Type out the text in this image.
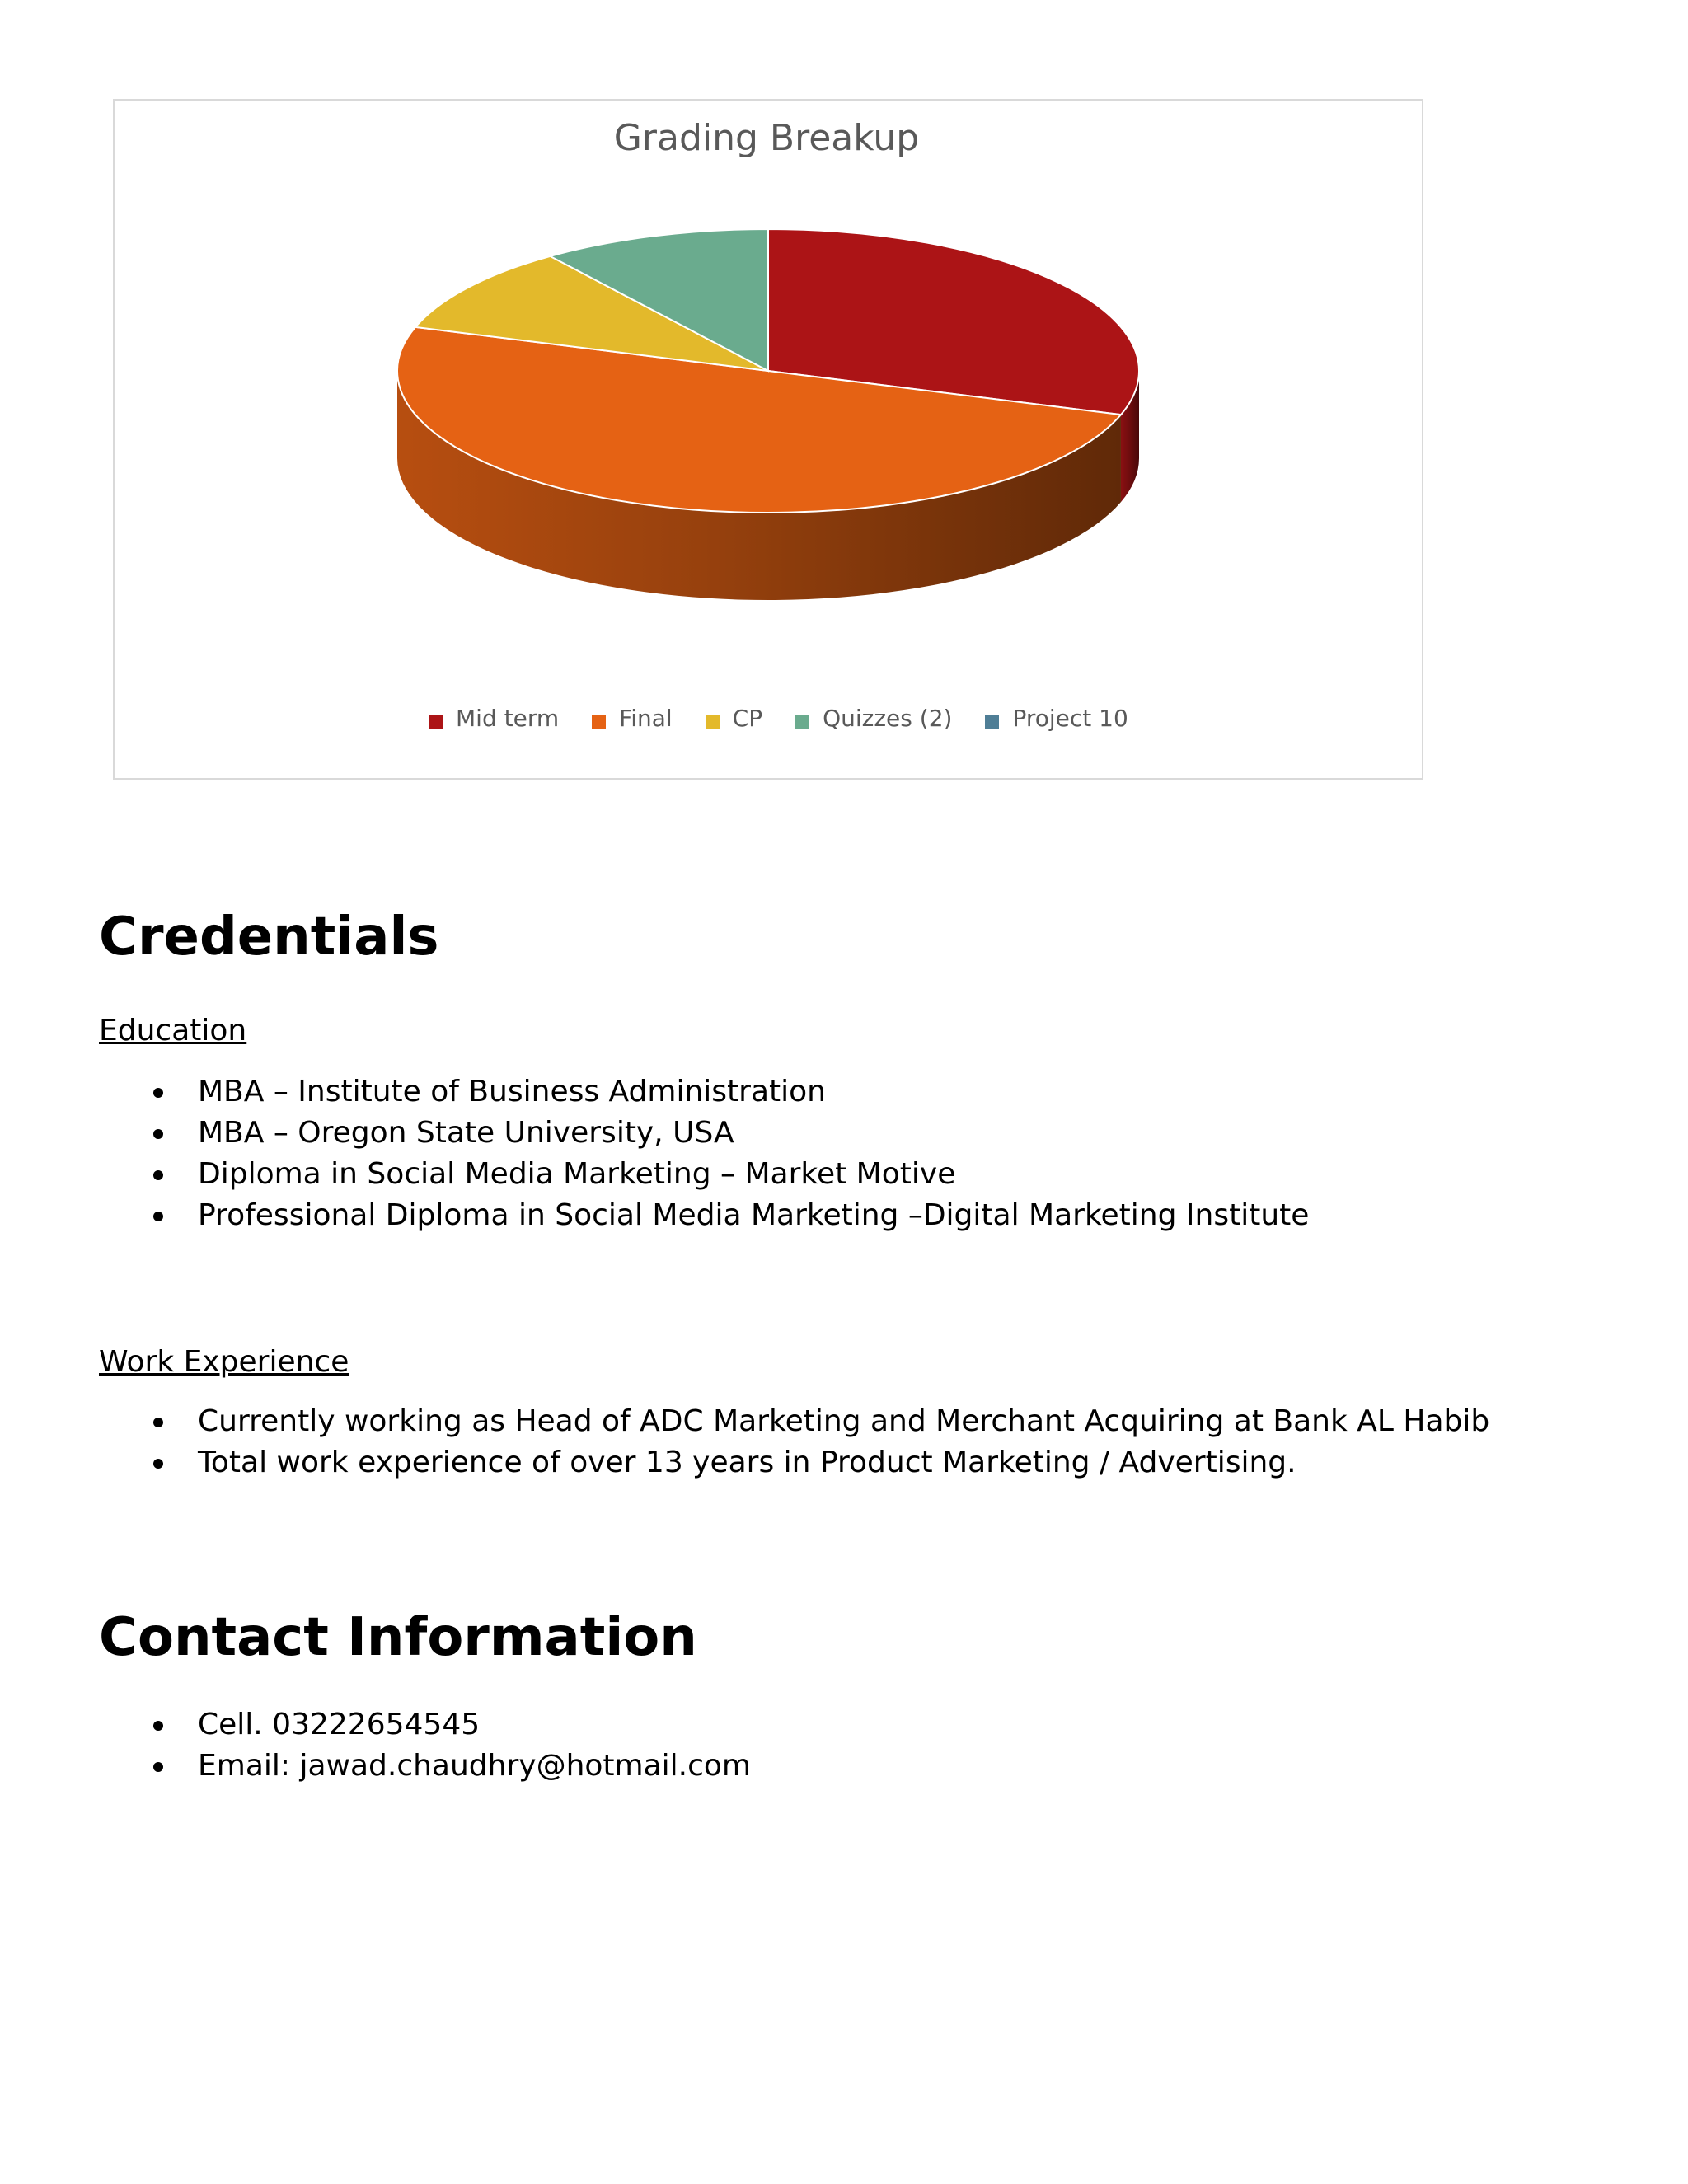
Grading Breakup
Mid term	Final	CP	Quizzes (2)	Project 10
Credentials

Education

MBA – Institute of Business Administration
MBA – Oregon State University, USA
Diploma in Social Media Marketing – Market Motive
Professional Diploma in Social Media Marketing –Digital Marketing Institute

Work Experience

Currently working as Head of ADC Marketing and Merchant Acquiring at Bank AL Habib
Total work experience of over 13 years in Product Marketing / Advertising.
Contact Information
Cell. 03222654545
Email: jawad.chaudhry@hotmail.com
